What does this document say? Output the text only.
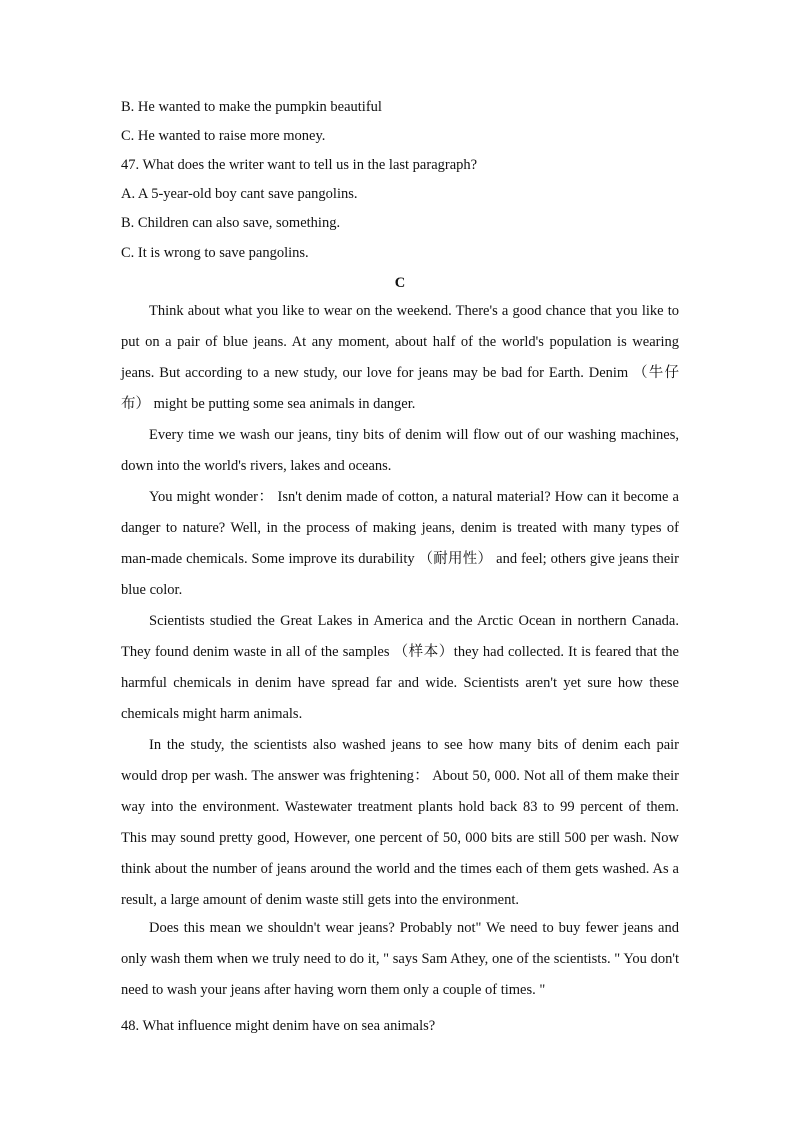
B. He wanted to make the pumpkin beautiful
C. He wanted to raise more money.
47. What does the writer want to tell us in the last paragraph?
A. A 5-year-old boy cant save pangolins.
B. Children can also save, something.
C. It is wrong to save pangolins.
C

Think about what you like to wear on the weekend. There's a good chance that you like to put on a pair of blue jeans. At any moment, about half of the world's population is wearing jeans. But according to a new study, our love for jeans may be bad for Earth. Denim （牛仔布） might be putting some sea animals in danger.

Every time we wash our jeans, tiny bits of denim will flow out of our washing machines, down into the world's rivers, lakes and oceans.

You might wonder： Isn't denim made of cotton, a natural material? How can it become a danger to nature? Well, in the process of making jeans, denim is treated with many types of man-made chemicals. Some improve its durability （耐用性） and feel; others give jeans their blue color.

Scientists studied the Great Lakes in America and the Arctic Ocean in northern Canada. They found denim waste in all of the samples （样本）they had collected. It is feared that the harmful chemicals in denim have spread far and wide. Scientists aren't yet sure how these chemicals might harm animals.

In the study, the scientists also washed jeans to see how many bits of denim each pair would drop per wash. The answer was frightening： About 50, 000. Not all of them make their way into the environment. Wastewater treatment plants hold back 83 to 99 percent of them. This may sound pretty good, However, one percent of 50, 000 bits are still 500 per wash. Now think about the number of jeans around the world and the times each of them gets washed. As a result, a large amount of denim waste still gets into the environment.

Does this mean we shouldn't wear jeans? Probably not" We need to buy fewer jeans and only wash them when we truly need to do it, " says Sam Athey, one of the scientists. " You don't need to wash your jeans after having worn them only a couple of times. "

48. What influence might denim have on sea animals?
